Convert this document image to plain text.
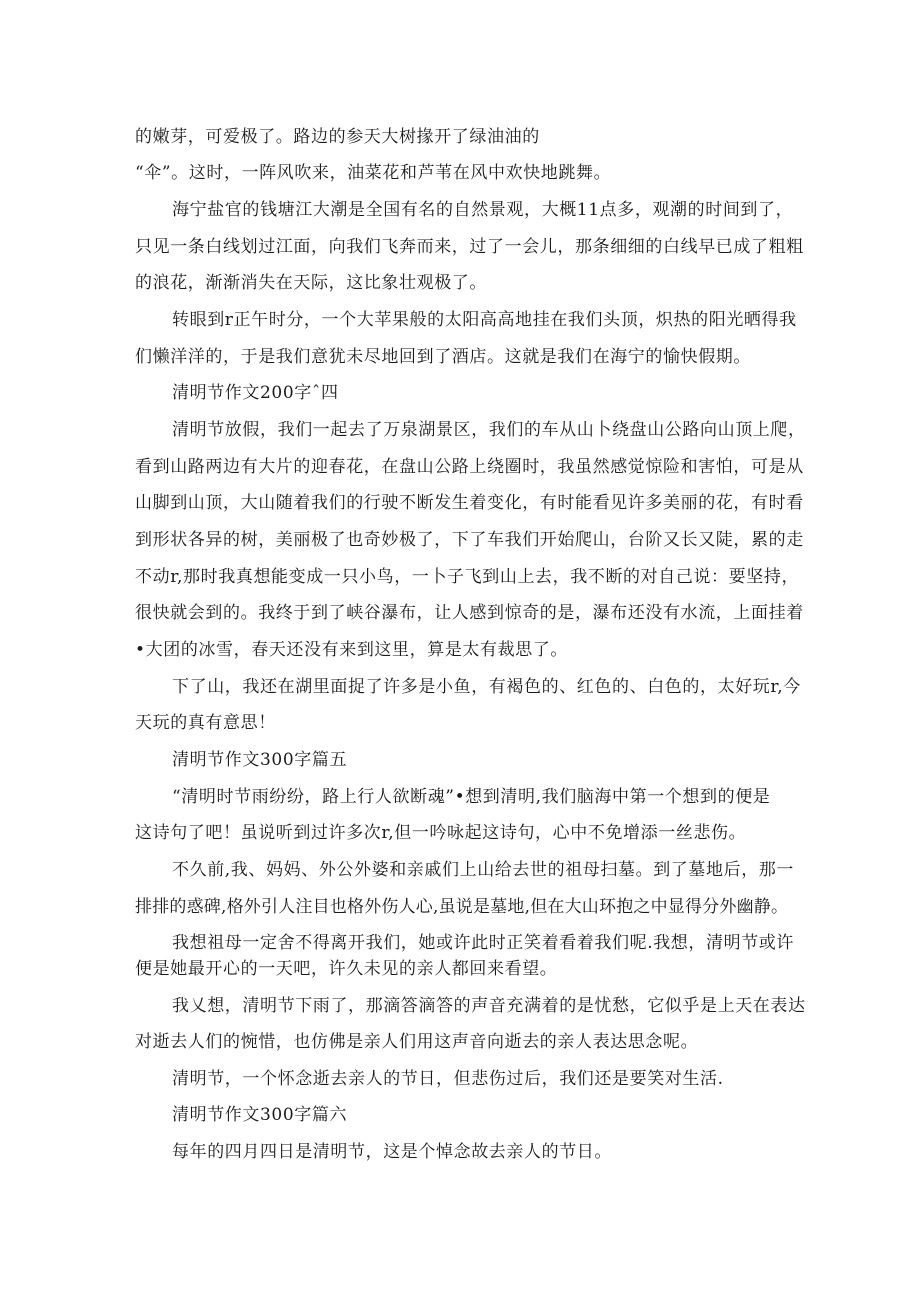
的嫩芽，可爱极了。路边的参天大树掾开了绿油油的
“伞”。这时，一阵风吹来，油菜花和芦苇在风中欢快地跳舞。
海宁盐官的钱塘江大潮是全国有名的自然景观，大概11点多，观潮的时间到了，
只见一条白线划过江面，向我们飞奔而来，过了一会儿，那条细细的白线早已成了粗粗
的浪花，渐渐消失在天际，这比象壮观极了。
转眼到r正午时分，一个大苹果般的太阳高高地挂在我们头顶，炽热的阳光晒得我
们懒洋洋的，于是我们意犹未尽地回到了酒店。这就是我们在海宁的愉快假期。
清明节作文200字ˆ四
清明节放假，我们一起去了万泉湖景区，我们的车从山卜绕盘山公路向山顶上爬，
看到山路两边有大片的迎春花，在盘山公路上绕圈时，我虽然感觉惊险和害怕，可是从
山脚到山顶，大山随着我们的行驶不断发生着变化，有时能看见许多美丽的花，有时看
到形状各异的树，美丽极了也奇妙极了，下了车我们开始爬山，台阶又长又陡，累的走
不动r,那时我真想能变成一只小鸟，一卜子飞到山上去，我不断的对自己说：要坚持，
很快就会到的。我终于到了峡谷瀑布，让人感到惊奇的是，瀑布还没有水流，上面挂着
•大团的冰雪，春天还没有来到这里，算是太有裁思了。
下了山，我还在湖里面捉了许多是小鱼，有褐色的、红色的、白色的，太好玩r,今
天玩的真有意思！
清明节作文300字篇五
“清明时节雨纷纷，路上行人欲断魂”•想到清明,我们脑海中第一个想到的便是
这诗句了吧！虽说听到过许多次r,但一吟咏起这诗句，心中不免增添一丝悲伤。
不久前,我、妈妈、外公外婆和亲戚们上山给去世的祖母扫墓。到了墓地后，那一
排排的惑碑,格外引人注目也格外伤人心,虽说是墓地,但在大山环抱之中显得分外幽静。
我想祖母一定舍不得离开我们，她或许此时正笑着看着我们呢.我想，清明节或许
便是她最开心的一天吧，许久未见的亲人都回来看望。
我乂想，清明节下雨了，那滴答滴答的声音充满着的是忧愁，它似乎是上天在表达
对逝去人们的惋惜，也仿佛是亲人们用这声音向逝去的亲人表达思念呢。
清明节，一个怀念逝去亲人的节日，但悲伤过后，我们还是要笑对生活.
清明节作文300字篇六
每年的四月四日是清明节，这是个悼念故去亲人的节日。
